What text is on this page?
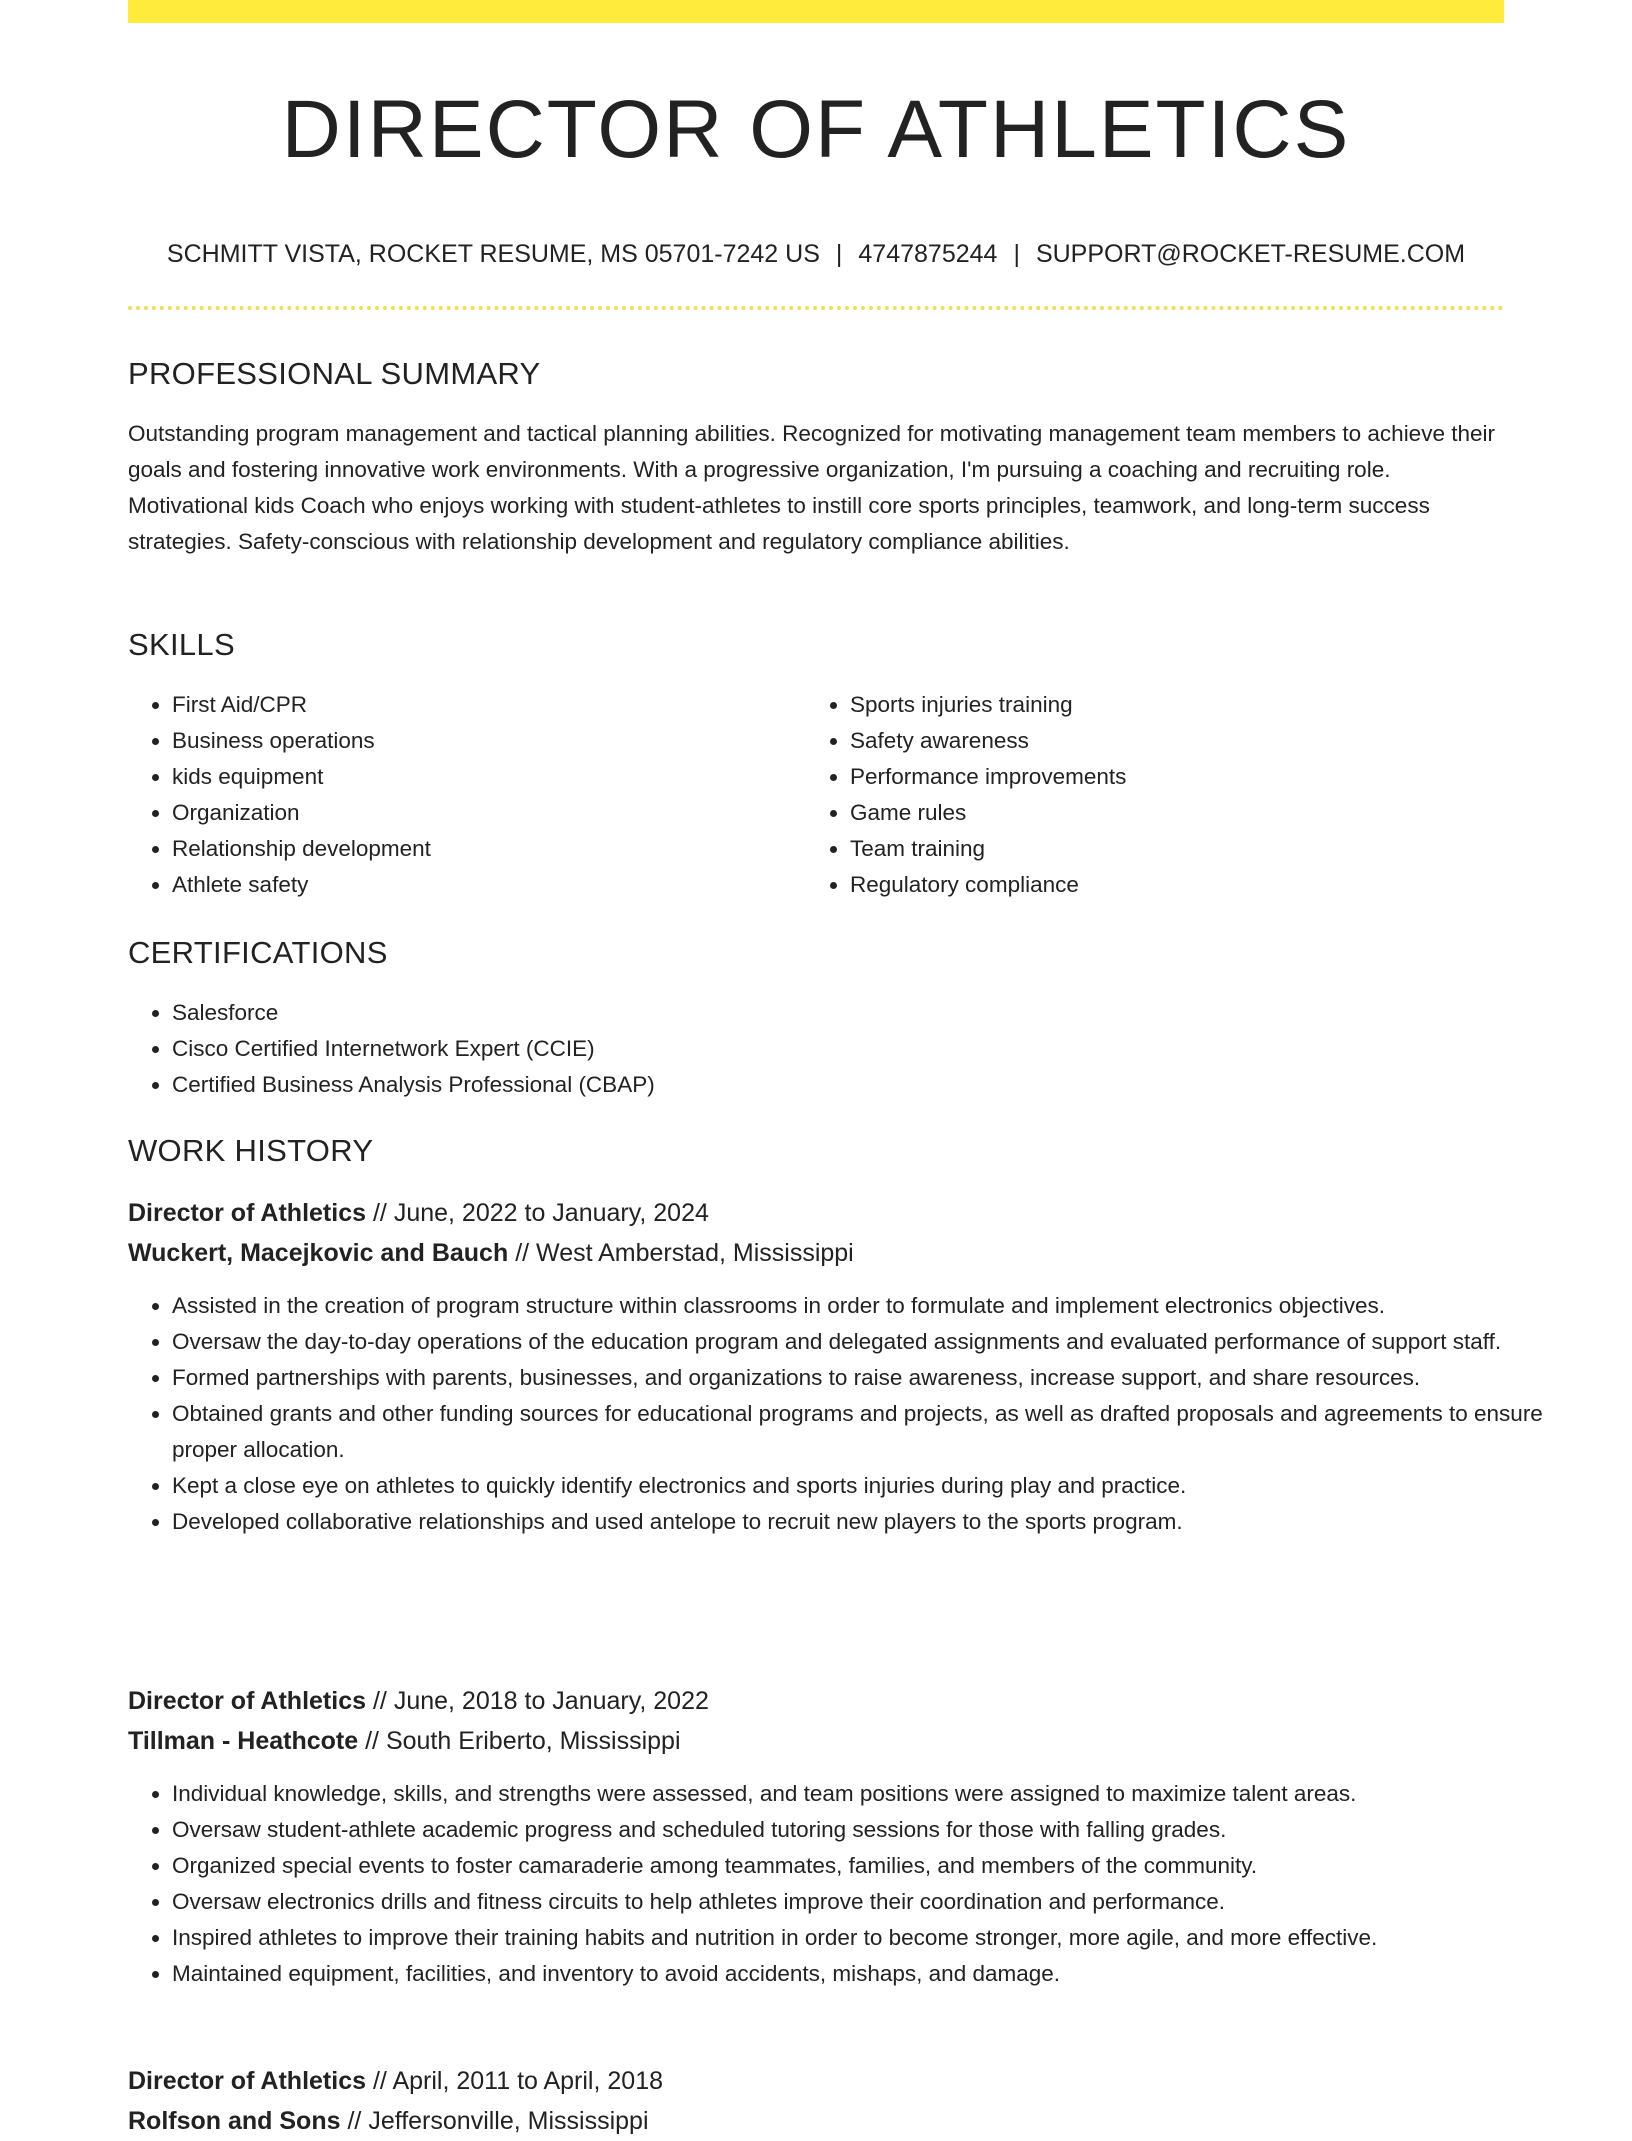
DIRECTOR OF ATHLETICS
SCHMITT VISTA, ROCKET RESUME, MS 05701-7242 US | 4747875244 | SUPPORT@ROCKET-RESUME.COM
PROFESSIONAL SUMMARY
Outstanding program management and tactical planning abilities. Recognized for motivating management team members to achieve their goals and fostering innovative work environments. With a progressive organization, I'm pursuing a coaching and recruiting role. Motivational kids Coach who enjoys working with student-athletes to instill core sports principles, teamwork, and long-term success strategies. Safety-conscious with relationship development and regulatory compliance abilities.
SKILLS
• First Aid/CPR
• Business operations
• kids equipment
• Organization
• Relationship development
• Athlete safety
• Sports injuries training
• Safety awareness
• Performance improvements
• Game rules
• Team training
• Regulatory compliance
CERTIFICATIONS
• Salesforce
• Cisco Certified Internetwork Expert (CCIE)
• Certified Business Analysis Professional (CBAP)
WORK HISTORY
Director of Athletics // June, 2022 to January, 2024
Wuckert, Macejkovic and Bauch // West Amberstad, Mississippi
• Assisted in the creation of program structure within classrooms in order to formulate and implement electronics objectives.
• Oversaw the day-to-day operations of the education program and delegated assignments and evaluated performance of support staff.
• Formed partnerships with parents, businesses, and organizations to raise awareness, increase support, and share resources.
• Obtained grants and other funding sources for educational programs and projects, as well as drafted proposals and agreements to ensure proper allocation.
• Kept a close eye on athletes to quickly identify electronics and sports injuries during play and practice.
• Developed collaborative relationships and used antelope to recruit new players to the sports program.
Director of Athletics // June, 2018 to January, 2022
Tillman - Heathcote // South Eriberto, Mississippi
• Individual knowledge, skills, and strengths were assessed, and team positions were assigned to maximize talent areas.
• Oversaw student-athlete academic progress and scheduled tutoring sessions for those with falling grades.
• Organized special events to foster camaraderie among teammates, families, and members of the community.
• Oversaw electronics drills and fitness circuits to help athletes improve their coordination and performance.
• Inspired athletes to improve their training habits and nutrition in order to become stronger, more agile, and more effective.
• Maintained equipment, facilities, and inventory to avoid accidents, mishaps, and damage.
Director of Athletics // April, 2011 to April, 2018
Rolfson and Sons // Jeffersonville, Mississippi
